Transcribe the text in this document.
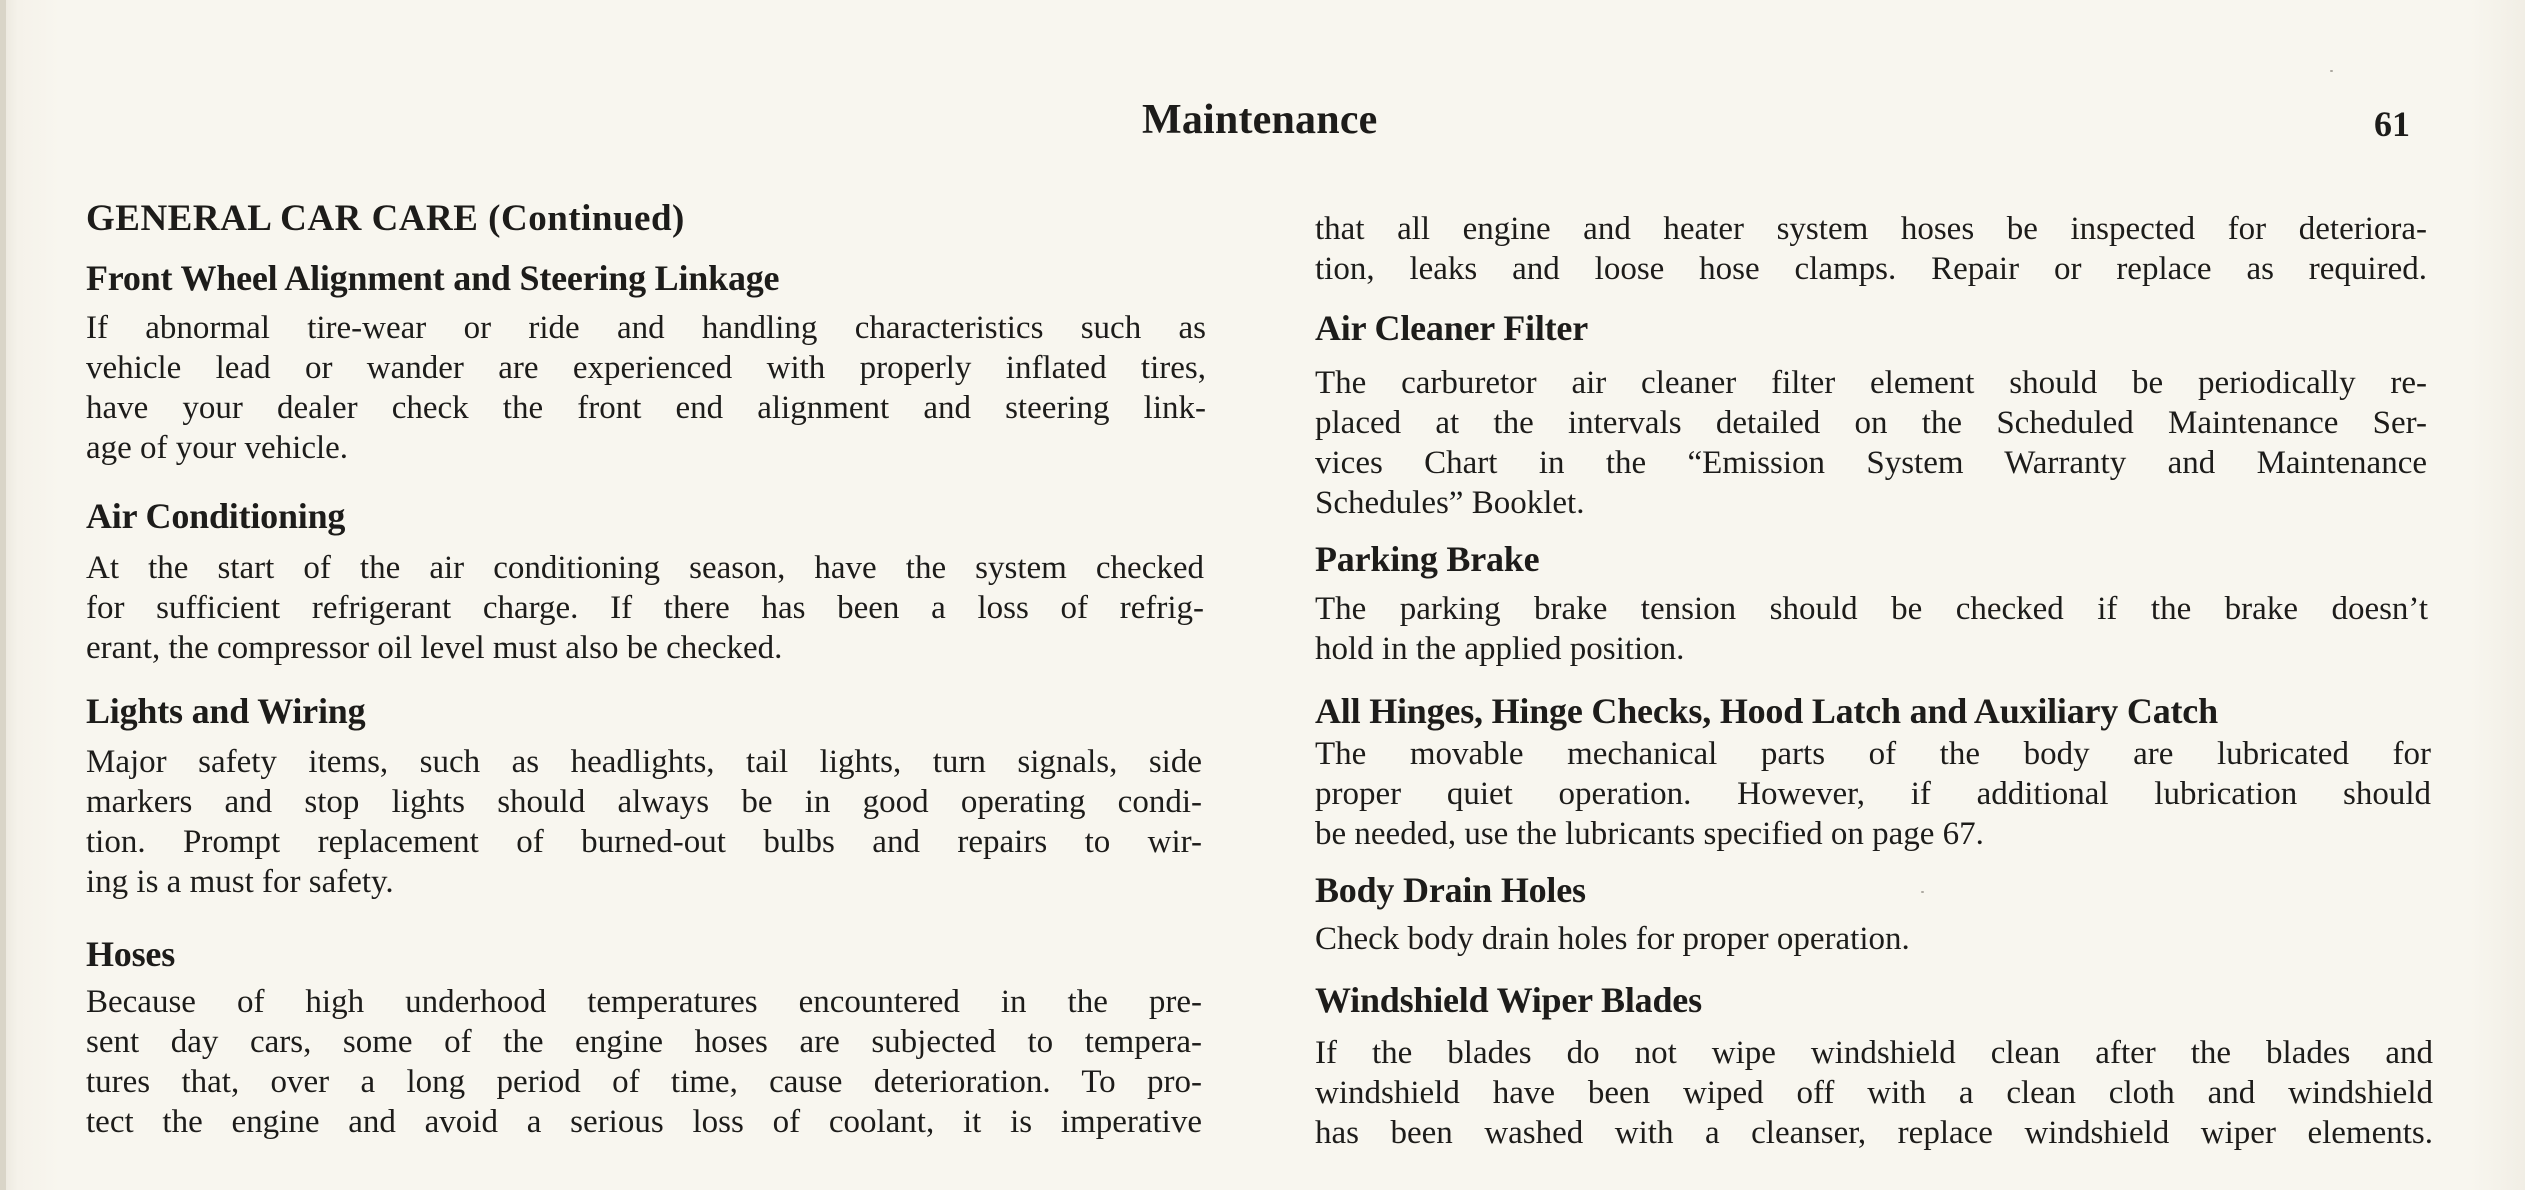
Maintenance	61
GENERAL CAR CARE (Continued)
Front Wheel Alignment and Steering Linkage
If abnormal tire-wear or ride and handling characteristics such as
vehicle lead or wander are experienced with properly inflated tires,
have your dealer check the front end alignment and steering link-
age of your vehicle.
Air Conditioning
At the start of the air conditioning season, have the system checked
for sufficient refrigerant charge. If there has been a loss of refrig-
erant, the compressor oil level must also be checked.
Lights and Wiring
Major safety items, such as headlights, tail lights, turn signals, side
markers and stop lights should always be in good operating condi-
tion. Prompt replacement of burned-out bulbs and repairs to wir-
ing is a must for safety.
Hoses
Because of high underhood temperatures encountered in the pre-
sent day cars, some of the engine hoses are subjected to tempera-
tures that, over a long period of time, cause deterioration. To pro-
tect the engine and avoid a serious loss of coolant, it is imperative
that all engine and heater system hoses be inspected for deteriora-
tion, leaks and loose hose clamps. Repair or replace as required.
Air Cleaner Filter
The carburetor air cleaner filter element should be periodically re-
placed at the intervals detailed on the Scheduled Maintenance Ser-
vices Chart in the “Emission System Warranty and Maintenance
Schedules” Booklet.
Parking Brake
The parking brake tension should be checked if the brake doesn’t
hold in the applied position.
All Hinges, Hinge Checks, Hood Latch and Auxiliary Catch
The movable mechanical parts of the body are lubricated for
proper quiet operation. However, if additional lubrication should
be needed, use the lubricants specified on page 67.
Body Drain Holes
Check body drain holes for proper operation.
Windshield Wiper Blades
If the blades do not wipe windshield clean after the blades and
windshield have been wiped off with a clean cloth and windshield
has been washed with a cleanser, replace windshield wiper elements.
